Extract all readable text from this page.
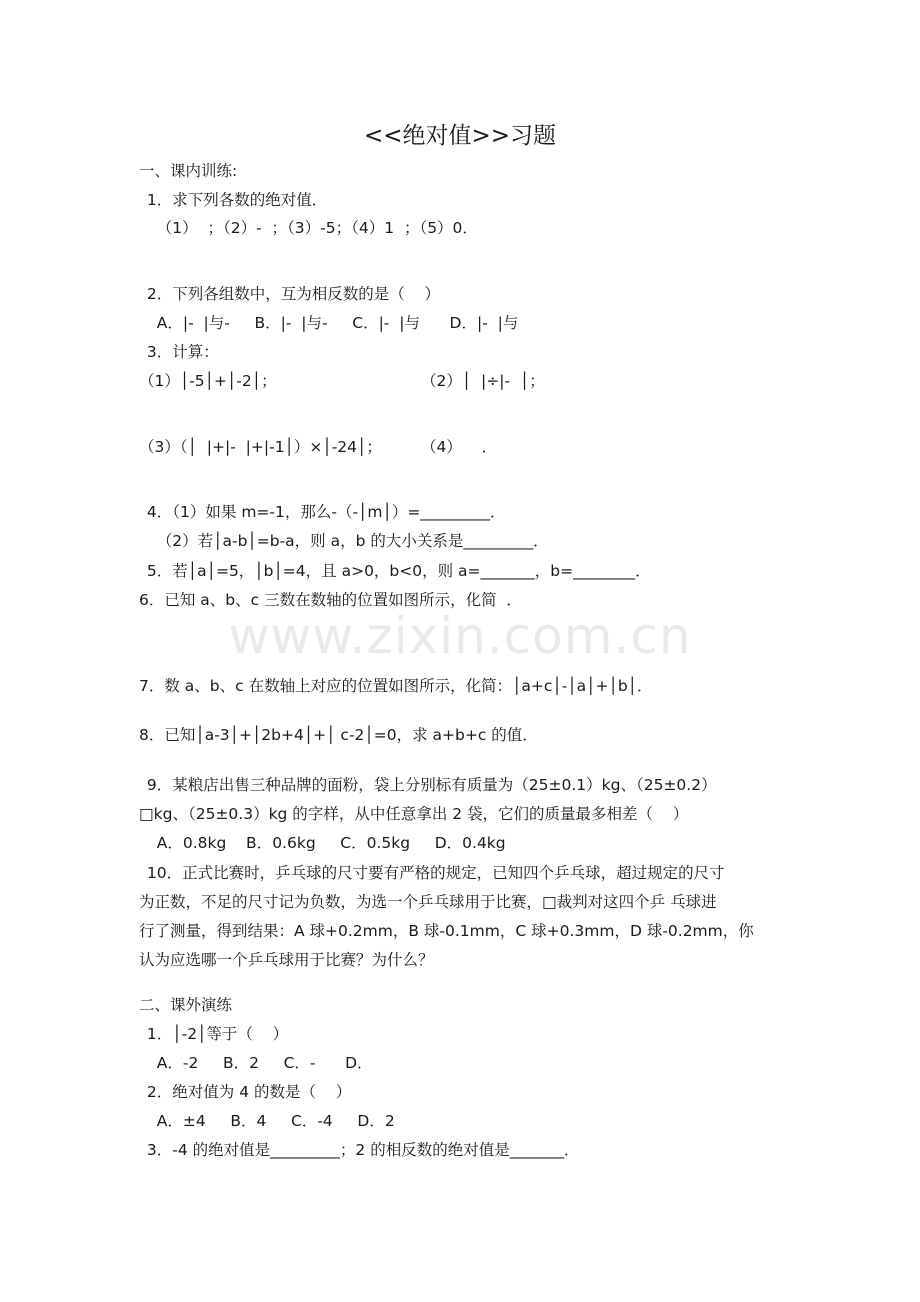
www.zixin.com.cn
<<绝对值>>习题
一、课内训练:
1．求下列各数的绝对值．
（1）  ；（2）-  ；（3）-5；（4）1  ；（5）0．
2．下列各组数中，互为相反数的是（    ）
A．|-  |与-     B．|-  |与-     C．|-  |与      D．|-  |与
3．计算：
（1）│-5│+│-2│；	（2）│  |÷|-  │；
（3）（│  |+|-  |+|-1│）×│-24│；	（4）    ．
4．（1）如果 m=-1，那么-（-│m│）=_________．
（2）若│a-b│=b-a，则 a，b 的大小关系是_________．
5．若│a│=5，│b│=4，且 a>0，b<0，则 a=_______，b=________．
6．已知 a、b、c 三数在数轴的位置如图所示，化简  ．
7．数 a、b、c 在数轴上对应的位置如图所示，化简：│a+c│-│a│+│b│．
8．已知│a-3│+│2b+4│+│ c-2│=0，求 a+b+c 的值．
9．某粮店出售三种品牌的面粉，袋上分别标有质量为（25±0.1）kg、（25±0.2）
□kg、（25±0.3）kg 的字样，从中任意拿出 2 袋，它们的质量最多相差（    ）
A．0.8kg    B．0.6kg     C．0.5kg     D．0.4kg
10．正式比赛时，乒乓球的尺寸要有严格的规定，已知四个乒乓球，超过规定的尺寸
为正数，不足的尺寸记为负数，为选一个乒乓球用于比赛，□裁判对这四个乒 乓球进
行了测量，得到结果：A 球+0.2mm，B 球-0.1mm，C 球+0.3mm，D 球-0.2mm，你
认为应选哪一个乒乓球用于比赛？为什么？
二、课外演练
1．│-2│等于（    ）
A．-2     B．2     C．-      D．
2．绝对值为 4 的数是（    ）
A．±4     B．4     C．-4     D．2
3．-4 的绝对值是_________；2 的相反数的绝对值是_______．
